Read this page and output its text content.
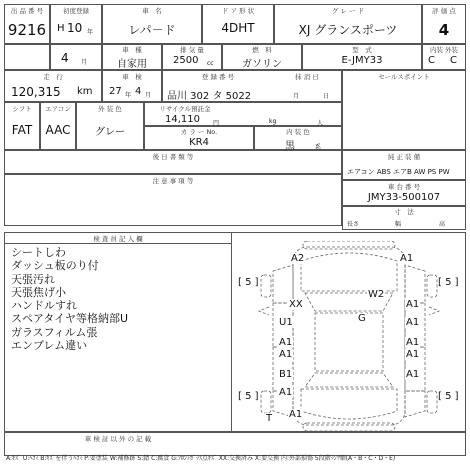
出 品 番 号
9216
初度登録
H 10 年
車　名
レパ－ド
ド ア 形 状
4DHT
グ レ ー ド
XJ グランスポーツ
評 価 点
4
4 月
車　種
自家用
排 気 量
2500 cc
燃　料
ガソリン
型　式
E-JMY33
内装 外装
C C
走　行
120,315 km
車　検
27 年 4 月
登 録 番 号	抹 消 日
品川 302 タ 5022	月	日
セールスポイント
シフト
FAT
エアコン
AAC
外 装 色
グレー
リサイクル預託金
14,110 円	kg	人
カ ラ ー No.
KR4
内 装 色
黒	系
後 日 書 類 等	純 正 装 備
エアコン ABS エアB AW PS PW
注 意 事 項 等
車 台 番 号
JMY33-500107
寸　法
長さ	幅	高
検 査 員 記 入 欄
シートしわ
ダッシュ板のり付
天張汚れ
天張焦げ小
ハンドルすれ
スペアタイヤ等格納部U
ガラスフィルム張
エンブレム違い
[ 5 ]	[ 5 ]
[ 5 ]	[ 5 ]
A2	A1
W2
XX	A1
G
U1	A1
A1	A1
A1	A1
B1	A1
A1
A1
T
車 検 証 以 外 の 記 載
A:ｷｽﾞ U:ﾍｺﾐ B:ｷｽﾞを伴うﾍｺﾐ P:要塗装 W:補修跡 S:錆 C:腐食 G:ﾌﾛﾝﾄｶﾞﾗｽ点ｷｽﾞ XX:交換済み X:要交換 内:外部損傷 5段階ﾗﾝｸ順(A・B・C・D・E)
